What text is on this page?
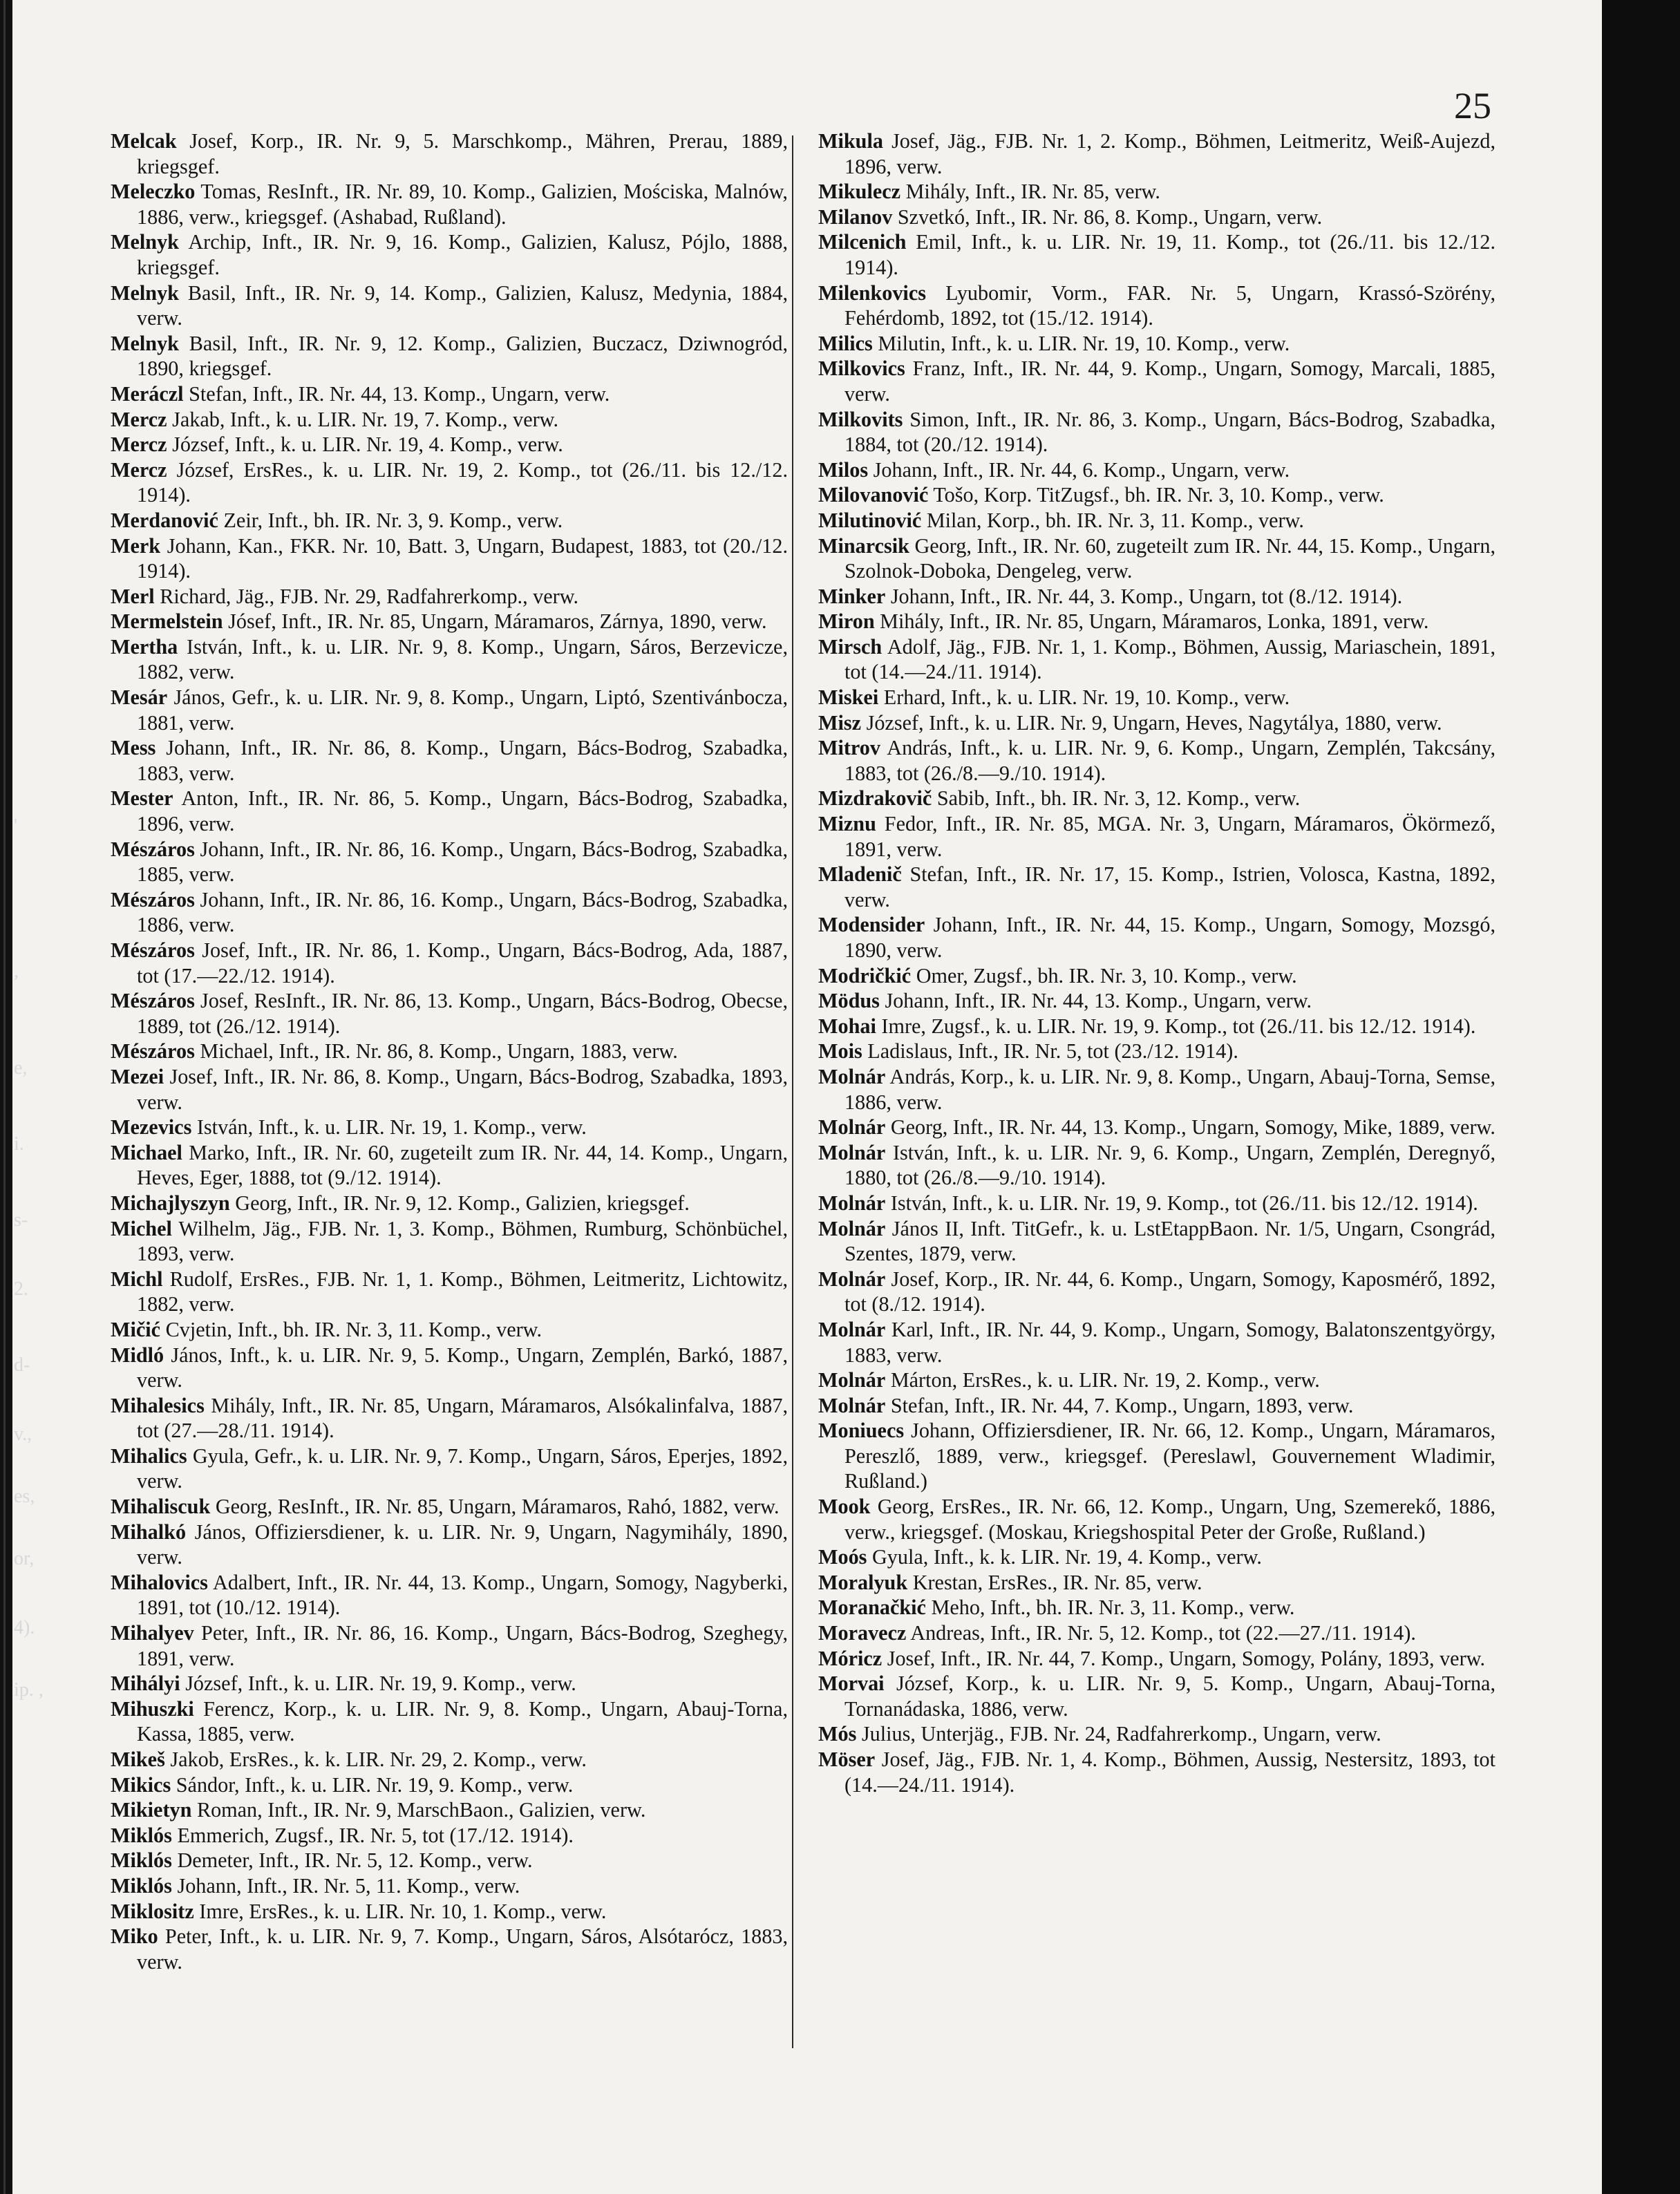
25

Melcak Josef, Korp., IR. Nr. 9, 5. Marschkomp., Mähren, Prerau, 1889, kriegsgef.

Meleczko Tomas, ResInft., IR. Nr. 89, 10. Komp., Galizien, Mościska, Malnów, 1886, verw., kriegsgef. (Ashabad, Rußland).

Melnyk Archip, Inft., IR. Nr. 9, 16. Komp., Galizien, Kalusz, Pójlo, 1888, kriegsgef.

Melnyk Basil, Inft., IR. Nr. 9, 14. Komp., Galizien, Kalusz, Medynia, 1884, verw.

Melnyk Basil, Inft., IR. Nr. 9, 12. Komp., Galizien, Buczacz, Dziwnogród, 1890, kriegsgef.

Meráczl Stefan, Inft., IR. Nr. 44, 13. Komp., Ungarn, verw.

Mercz Jakab, Inft., k. u. LIR. Nr. 19, 7. Komp., verw.

Mercz József, Inft., k. u. LIR. Nr. 19, 4. Komp., verw.

Mercz József, ErsRes., k. u. LIR. Nr. 19, 2. Komp., tot (26./11. bis 12./12. 1914).

Merdanović Zeir, Inft., bh. IR. Nr. 3, 9. Komp., verw.

Merk Johann, Kan., FKR. Nr. 10, Batt. 3, Ungarn, Budapest, 1883, tot (20./12. 1914).

Merl Richard, Jäg., FJB. Nr. 29, Radfahrerkomp., verw.

Mermelstein Jósef, Inft., IR. Nr. 85, Ungarn, Máramaros, Zárnya, 1890, verw.

Mertha István, Inft., k. u. LIR. Nr. 9, 8. Komp., Ungarn, Sáros, Berzevicze, 1882, verw.

Mesár János, Gefr., k. u. LIR. Nr. 9, 8. Komp., Ungarn, Liptó, Szentivánbocza, 1881, verw.

Mess Johann, Inft., IR. Nr. 86, 8. Komp., Ungarn, Bács-Bodrog, Szabadka, 1883, verw.

Mester Anton, Inft., IR. Nr. 86, 5. Komp., Ungarn, Bács-Bodrog, Szabadka, 1896, verw.

Mészáros Johann, Inft., IR. Nr. 86, 16. Komp., Ungarn, Bács-Bodrog, Szabadka, 1885, verw.

Mészáros Johann, Inft., IR. Nr. 86, 16. Komp., Ungarn, Bács-Bodrog, Szabadka, 1886, verw.

Mészáros Josef, Inft., IR. Nr. 86, 1. Komp., Ungarn, Bács-Bodrog, Ada, 1887, tot (17.—22./12. 1914).

Mészáros Josef, ResInft., IR. Nr. 86, 13. Komp., Ungarn, Bács-Bodrog, Obecse, 1889, tot (26./12. 1914).

Mészáros Michael, Inft., IR. Nr. 86, 8. Komp., Ungarn, 1883, verw.

Mezei Josef, Inft., IR. Nr. 86, 8. Komp., Ungarn, Bács-Bodrog, Szabadka, 1893, verw.

Mezevics István, Inft., k. u. LIR. Nr. 19, 1. Komp., verw.

Michael Marko, Inft., IR. Nr. 60, zugeteilt zum IR. Nr. 44, 14. Komp., Ungarn, Heves, Eger, 1888, tot (9./12. 1914).

Michajlyszyn Georg, Inft., IR. Nr. 9, 12. Komp., Galizien, kriegsgef.

Michel Wilhelm, Jäg., FJB. Nr. 1, 3. Komp., Böhmen, Rumburg, Schönbüchel, 1893, verw.

Michl Rudolf, ErsRes., FJB. Nr. 1, 1. Komp., Böhmen, Leitmeritz, Lichtowitz, 1882, verw.

Mičić Cvjetin, Inft., bh. IR. Nr. 3, 11. Komp., verw.

Midló János, Inft., k. u. LIR. Nr. 9, 5. Komp., Ungarn, Zemplén, Barkó, 1887, verw.

Mihalesics Mihály, Inft., IR. Nr. 85, Ungarn, Máramaros, Alsókalinfalva, 1887, tot (27.—28./11. 1914).

Mihalics Gyula, Gefr., k. u. LIR. Nr. 9, 7. Komp., Ungarn, Sáros, Eperjes, 1892, verw.

Mihaliscuk Georg, ResInft., IR. Nr. 85, Ungarn, Máramaros, Rahó, 1882, verw.

Mihalkó János, Offiziersdiener, k. u. LIR. Nr. 9, Ungarn, Nagymihály, 1890, verw.

Mihalovics Adalbert, Inft., IR. Nr. 44, 13. Komp., Ungarn, Somogy, Nagyberki, 1891, tot (10./12. 1914).

Mihalyev Peter, Inft., IR. Nr. 86, 16. Komp., Ungarn, Bács-Bodrog, Szeghegy, 1891, verw.

Mihályi József, Inft., k. u. LIR. Nr. 19, 9. Komp., verw.

Mihuszki Ferencz, Korp., k. u. LIR. Nr. 9, 8. Komp., Ungarn, Abauj-Torna, Kassa, 1885, verw.

Mikeš Jakob, ErsRes., k. k. LIR. Nr. 29, 2. Komp., verw.

Mikics Sándor, Inft., k. u. LIR. Nr. 19, 9. Komp., verw.

Mikietyn Roman, Inft., IR. Nr. 9, MarschBaon., Galizien, verw.

Miklós Emmerich, Zugsf., IR. Nr. 5, tot (17./12. 1914).

Miklós Demeter, Inft., IR. Nr. 5, 12. Komp., verw.

Miklós Johann, Inft., IR. Nr. 5, 11. Komp., verw.

Miklositz Imre, ErsRes., k. u. LIR. Nr. 10, 1. Komp., verw.

Miko Peter, Inft., k. u. LIR. Nr. 9, 7. Komp., Ungarn, Sáros, Alsótarócz, 1883, verw.

Mikula Josef, Jäg., FJB. Nr. 1, 2. Komp., Böhmen, Leitmeritz, Weiß-Aujezd, 1896, verw.

Mikulecz Mihály, Inft., IR. Nr. 85, verw.

Milanov Szvetkó, Inft., IR. Nr. 86, 8. Komp., Ungarn, verw.

Milcenich Emil, Inft., k. u. LIR. Nr. 19, 11. Komp., tot (26./11. bis 12./12. 1914).

Milenkovics Lyubomir, Vorm., FAR. Nr. 5, Ungarn, Krassó-Szörény, Fehérdomb, 1892, tot (15./12. 1914).

Milics Milutin, Inft., k. u. LIR. Nr. 19, 10. Komp., verw.

Milkovics Franz, Inft., IR. Nr. 44, 9. Komp., Ungarn, Somogy, Marcali, 1885, verw.

Milkovits Simon, Inft., IR. Nr. 86, 3. Komp., Ungarn, Bács-Bodrog, Szabadka, 1884, tot (20./12. 1914).

Milos Johann, Inft., IR. Nr. 44, 6. Komp., Ungarn, verw.

Milovanović Tošo, Korp. TitZugsf., bh. IR. Nr. 3, 10. Komp., verw.

Milutinović Milan, Korp., bh. IR. Nr. 3, 11. Komp., verw.

Minarcsik Georg, Inft., IR. Nr. 60, zugeteilt zum IR. Nr. 44, 15. Komp., Ungarn, Szolnok-Doboka, Dengeleg, verw.

Minker Johann, Inft., IR. Nr. 44, 3. Komp., Ungarn, tot (8./12. 1914).

Miron Mihály, Inft., IR. Nr. 85, Ungarn, Máramaros, Lonka, 1891, verw.

Mirsch Adolf, Jäg., FJB. Nr. 1, 1. Komp., Böhmen, Aussig, Mariaschein, 1891, tot (14.—24./11. 1914).

Miskei Erhard, Inft., k. u. LIR. Nr. 19, 10. Komp., verw.

Misz József, Inft., k. u. LIR. Nr. 9, Ungarn, Heves, Nagytálya, 1880, verw.

Mitrov András, Inft., k. u. LIR. Nr. 9, 6. Komp., Ungarn, Zemplén, Takcsány, 1883, tot (26./8.—9./10. 1914).

Mizdrakovič Sabib, Inft., bh. IR. Nr. 3, 12. Komp., verw.

Miznu Fedor, Inft., IR. Nr. 85, MGA. Nr. 3, Ungarn, Máramaros, Ökörmező, 1891, verw.

Mladenič Stefan, Inft., IR. Nr. 17, 15. Komp., Istrien, Volosca, Kastna, 1892, verw.

Modensider Johann, Inft., IR. Nr. 44, 15. Komp., Ungarn, Somogy, Mozsgó, 1890, verw.

Modričkić Omer, Zugsf., bh. IR. Nr. 3, 10. Komp., verw.

Mödus Johann, Inft., IR. Nr. 44, 13. Komp., Ungarn, verw.

Mohai Imre, Zugsf., k. u. LIR. Nr. 19, 9. Komp., tot (26./11. bis 12./12. 1914).

Mois Ladislaus, Inft., IR. Nr. 5, tot (23./12. 1914).

Molnár András, Korp., k. u. LIR. Nr. 9, 8. Komp., Ungarn, Abauj-Torna, Semse, 1886, verw.

Molnár Georg, Inft., IR. Nr. 44, 13. Komp., Ungarn, Somogy, Mike, 1889, verw.

Molnár István, Inft., k. u. LIR. Nr. 9, 6. Komp., Ungarn, Zemplén, Deregnyő, 1880, tot (26./8.—9./10. 1914).

Molnár István, Inft., k. u. LIR. Nr. 19, 9. Komp., tot (26./11. bis 12./12. 1914).

Molnár János II, Inft. TitGefr., k. u. LstEtappBaon. Nr. 1/5, Ungarn, Csongrád, Szentes, 1879, verw.

Molnár Josef, Korp., IR. Nr. 44, 6. Komp., Ungarn, Somogy, Kaposmérő, 1892, tot (8./12. 1914).

Molnár Karl, Inft., IR. Nr. 44, 9. Komp., Ungarn, Somogy, Balatonszentgyörgy, 1883, verw.

Molnár Márton, ErsRes., k. u. LIR. Nr. 19, 2. Komp., verw.

Molnár Stefan, Inft., IR. Nr. 44, 7. Komp., Ungarn, 1893, verw.

Moniuecs Johann, Offiziersdiener, IR. Nr. 66, 12. Komp., Ungarn, Máramaros, Pereszlő, 1889, verw., kriegsgef. (Pereslawl, Gouvernement Wladimir, Rußland.)

Mook Georg, ErsRes., IR. Nr. 66, 12. Komp., Ungarn, Ung, Szemerekő, 1886, verw., kriegsgef. (Moskau, Kriegshospital Peter der Große, Rußland.)

Moós Gyula, Inft., k. k. LIR. Nr. 19, 4. Komp., verw.

Moralyuk Krestan, ErsRes., IR. Nr. 85, verw.

Moranačkić Meho, Inft., bh. IR. Nr. 3, 11. Komp., verw.

Moravecz Andreas, Inft., IR. Nr. 5, 12. Komp., tot (22.—27./11. 1914).

Móricz Josef, Inft., IR. Nr. 44, 7. Komp., Ungarn, Somogy, Polány, 1893, verw.

Morvai József, Korp., k. u. LIR. Nr. 9, 5. Komp., Ungarn, Abauj-Torna, Tornanádaska, 1886, verw.

Mós Julius, Unterjäg., FJB. Nr. 24, Radfahrerkomp., Ungarn, verw.

Möser Josef, Jäg., FJB. Nr. 1, 4. Komp., Böhmen, Aussig, Nestersitz, 1893, tot (14.—24./11. 1914).

'
,
e,
i.
s-
2.
d-
v.,
es,
or,
4).
ip. ,
